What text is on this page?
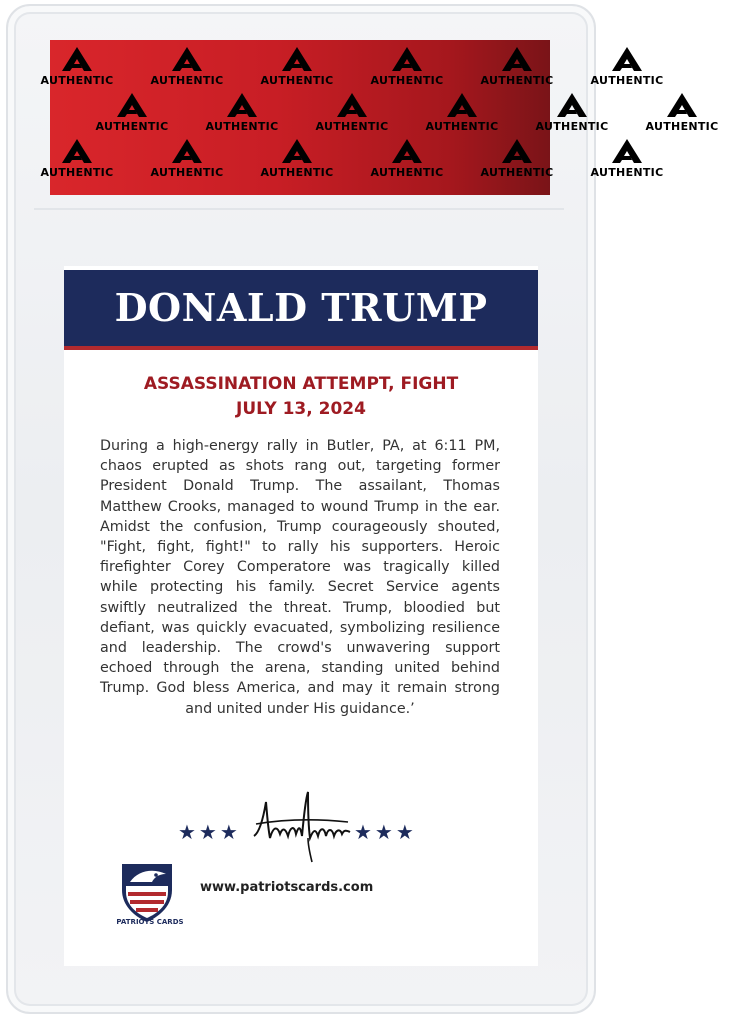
AUTHENTIC	AUTHENTIC	AUTHENTIC	AUTHENTIC	AUTHENTIC	AUTHENTIC
AUTHENTIC	AUTHENTIC	AUTHENTIC	AUTHENTIC	AUTHENTIC	AUTHENTIC
AUTHENTIC	AUTHENTIC	AUTHENTIC	AUTHENTIC	AUTHENTIC	AUTHENTIC
DONALD TRUMP
ASSASSINATION ATTEMPT, FIGHT
JULY 13, 2024
During a high-energy rally in Butler, PA, at 6:11 PM, chaos erupted as shots rang out, targeting former President Donald Trump. The assailant, Thomas Matthew Crooks, managed to wound Trump in the ear. Amidst the confusion, Trump courageously shouted, "Fight, fight, fight!" to rally his supporters. Heroic firefighter Corey Comperatore was tragically killed while protecting his family. Secret Service agents swiftly neutralized the threat. Trump, bloodied but defiant, was quickly evacuated, symbolizing resilience and leadership. The crowd's unwavering support echoed through the arena, standing united behind Trump. God bless America, and may it remain strong and united under His guidance.’
★★★	★★★
PATRIOTS CARDS
www.patriotscards.com
